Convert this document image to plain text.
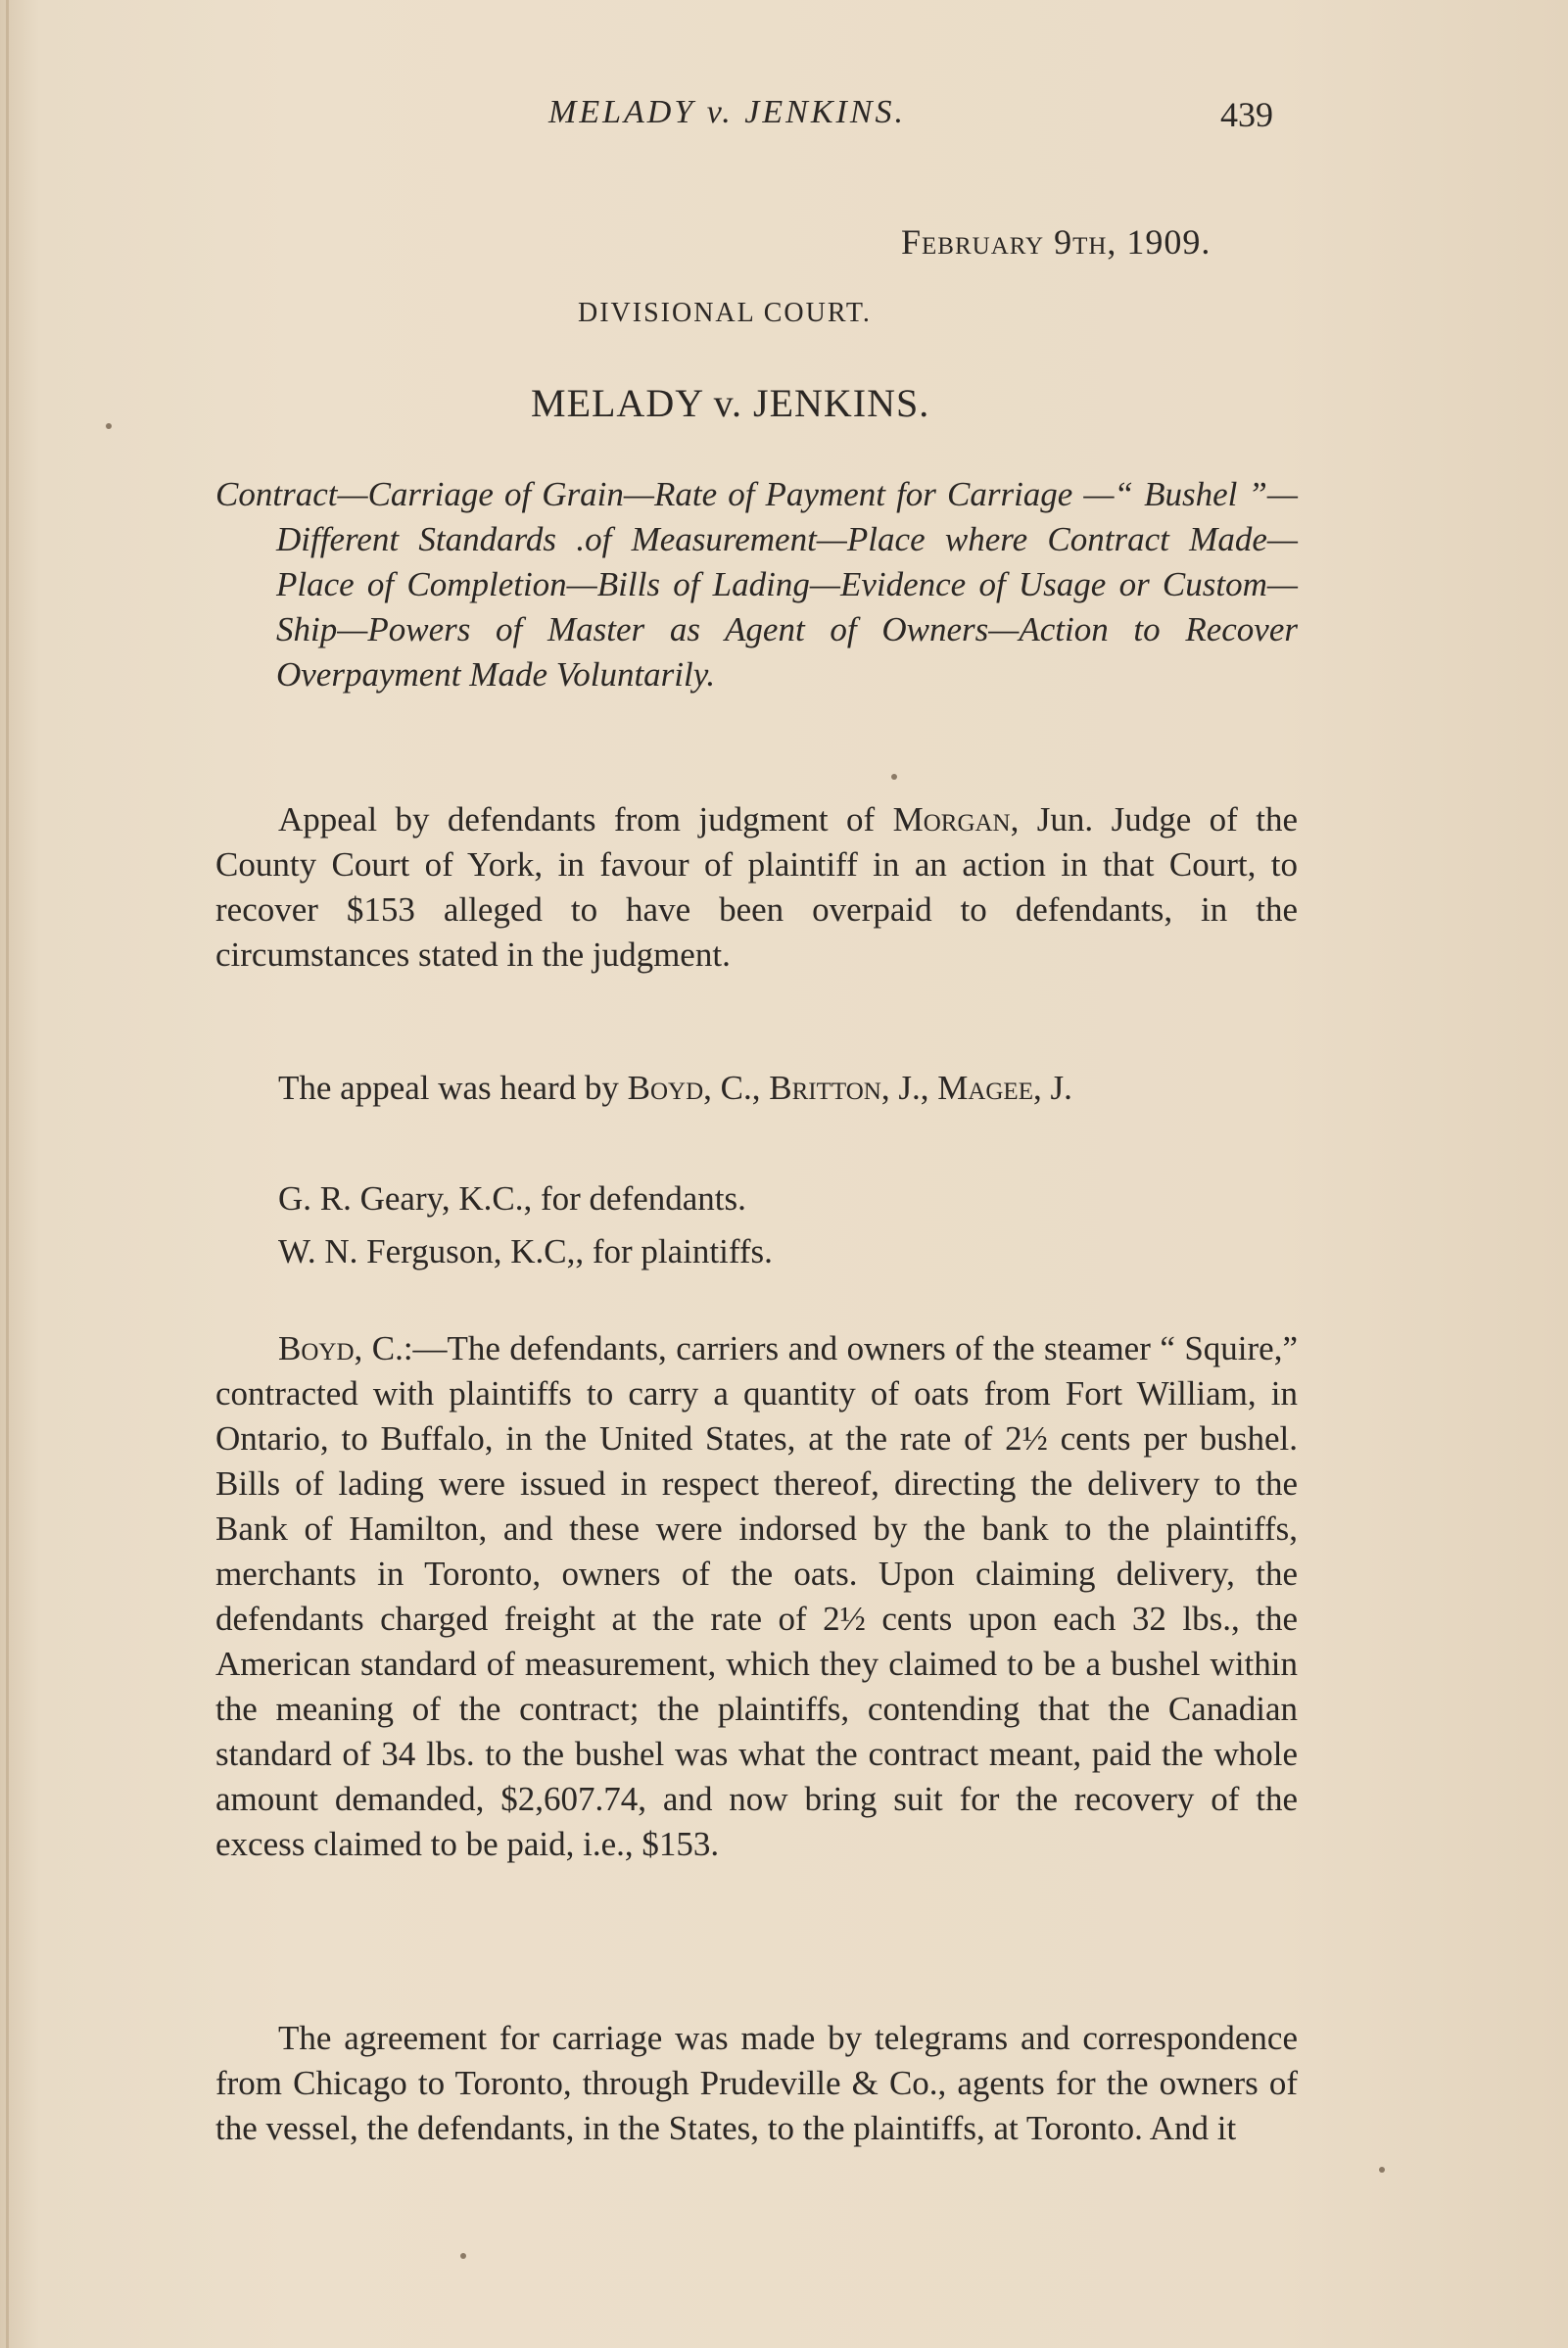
MELADY v. JENKINS.	439
February 9th, 1909.
DIVISIONAL COURT.
MELADY v. JENKINS.
Contract—Carriage of Grain—Rate of Payment for Carriage —“ Bushel ”—Different Standards .of Measurement—Place where Contract Made—Place of Completion—Bills of Lading—Evidence of Usage or Custom—Ship—Powers of Master as Agent of Owners—Action to Recover Overpayment Made Voluntarily.
Appeal by defendants from judgment of Morgan, Jun. Judge of the County Court of York, in favour of plaintiff in an action in that Court, to recover $153 alleged to have been overpaid to defendants, in the circumstances stated in the judgment.
The appeal was heard by Boyd, C., Britton, J., Magee, J.
G. R. Geary, K.C., for defendants.
W. N. Ferguson, K.C,, for plaintiffs.
Boyd, C.:—The defendants, carriers and owners of the steamer “ Squire,” contracted with plaintiffs to carry a quantity of oats from Fort William, in Ontario, to Buffalo, in the United States, at the rate of 2½ cents per bushel. Bills of lading were issued in respect thereof, directing the delivery to the Bank of Hamilton, and these were indorsed by the bank to the plaintiffs, merchants in Toronto, owners of the oats. Upon claiming delivery, the defendants charged freight at the rate of 2½ cents upon each 32 lbs., the American standard of measurement, which they claimed to be a bushel within the meaning of the contract; the plaintiffs, contending that the Canadian standard of 34 lbs. to the bushel was what the contract meant, paid the whole amount demanded, $2,607.74, and now bring suit for the recovery of the excess claimed to be paid, i.e., $153.
The agreement for carriage was made by telegrams and correspondence from Chicago to Toronto, through Prudeville & Co., agents for the owners of the vessel, the defendants, in the States, to the plaintiffs, at Toronto. And it
